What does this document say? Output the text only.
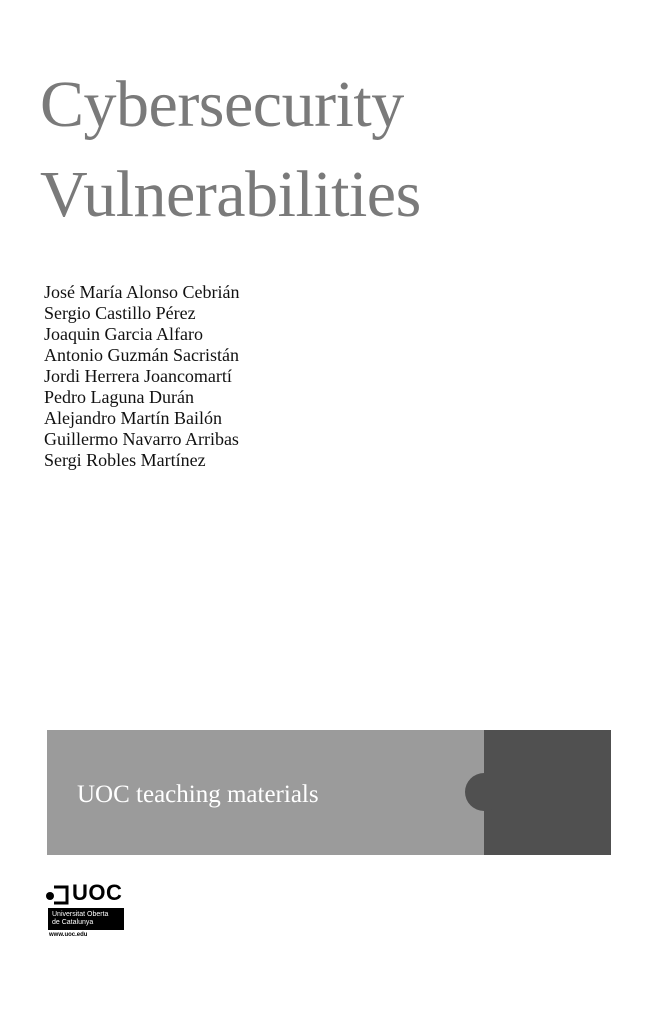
Cybersecurity
Vulnerabilities
José María Alonso Cebrián
Sergio Castillo Pérez
Joaquin Garcia Alfaro
Antonio Guzmán Sacristán
Jordi Herrera Joancomartí
Pedro Laguna Durán
Alejandro Martín Bailón
Guillermo Navarro Arribas
Sergi Robles Martínez
UOC teaching materials
UOC
Universitat Oberta
de Catalunya
www.uoc.edu
